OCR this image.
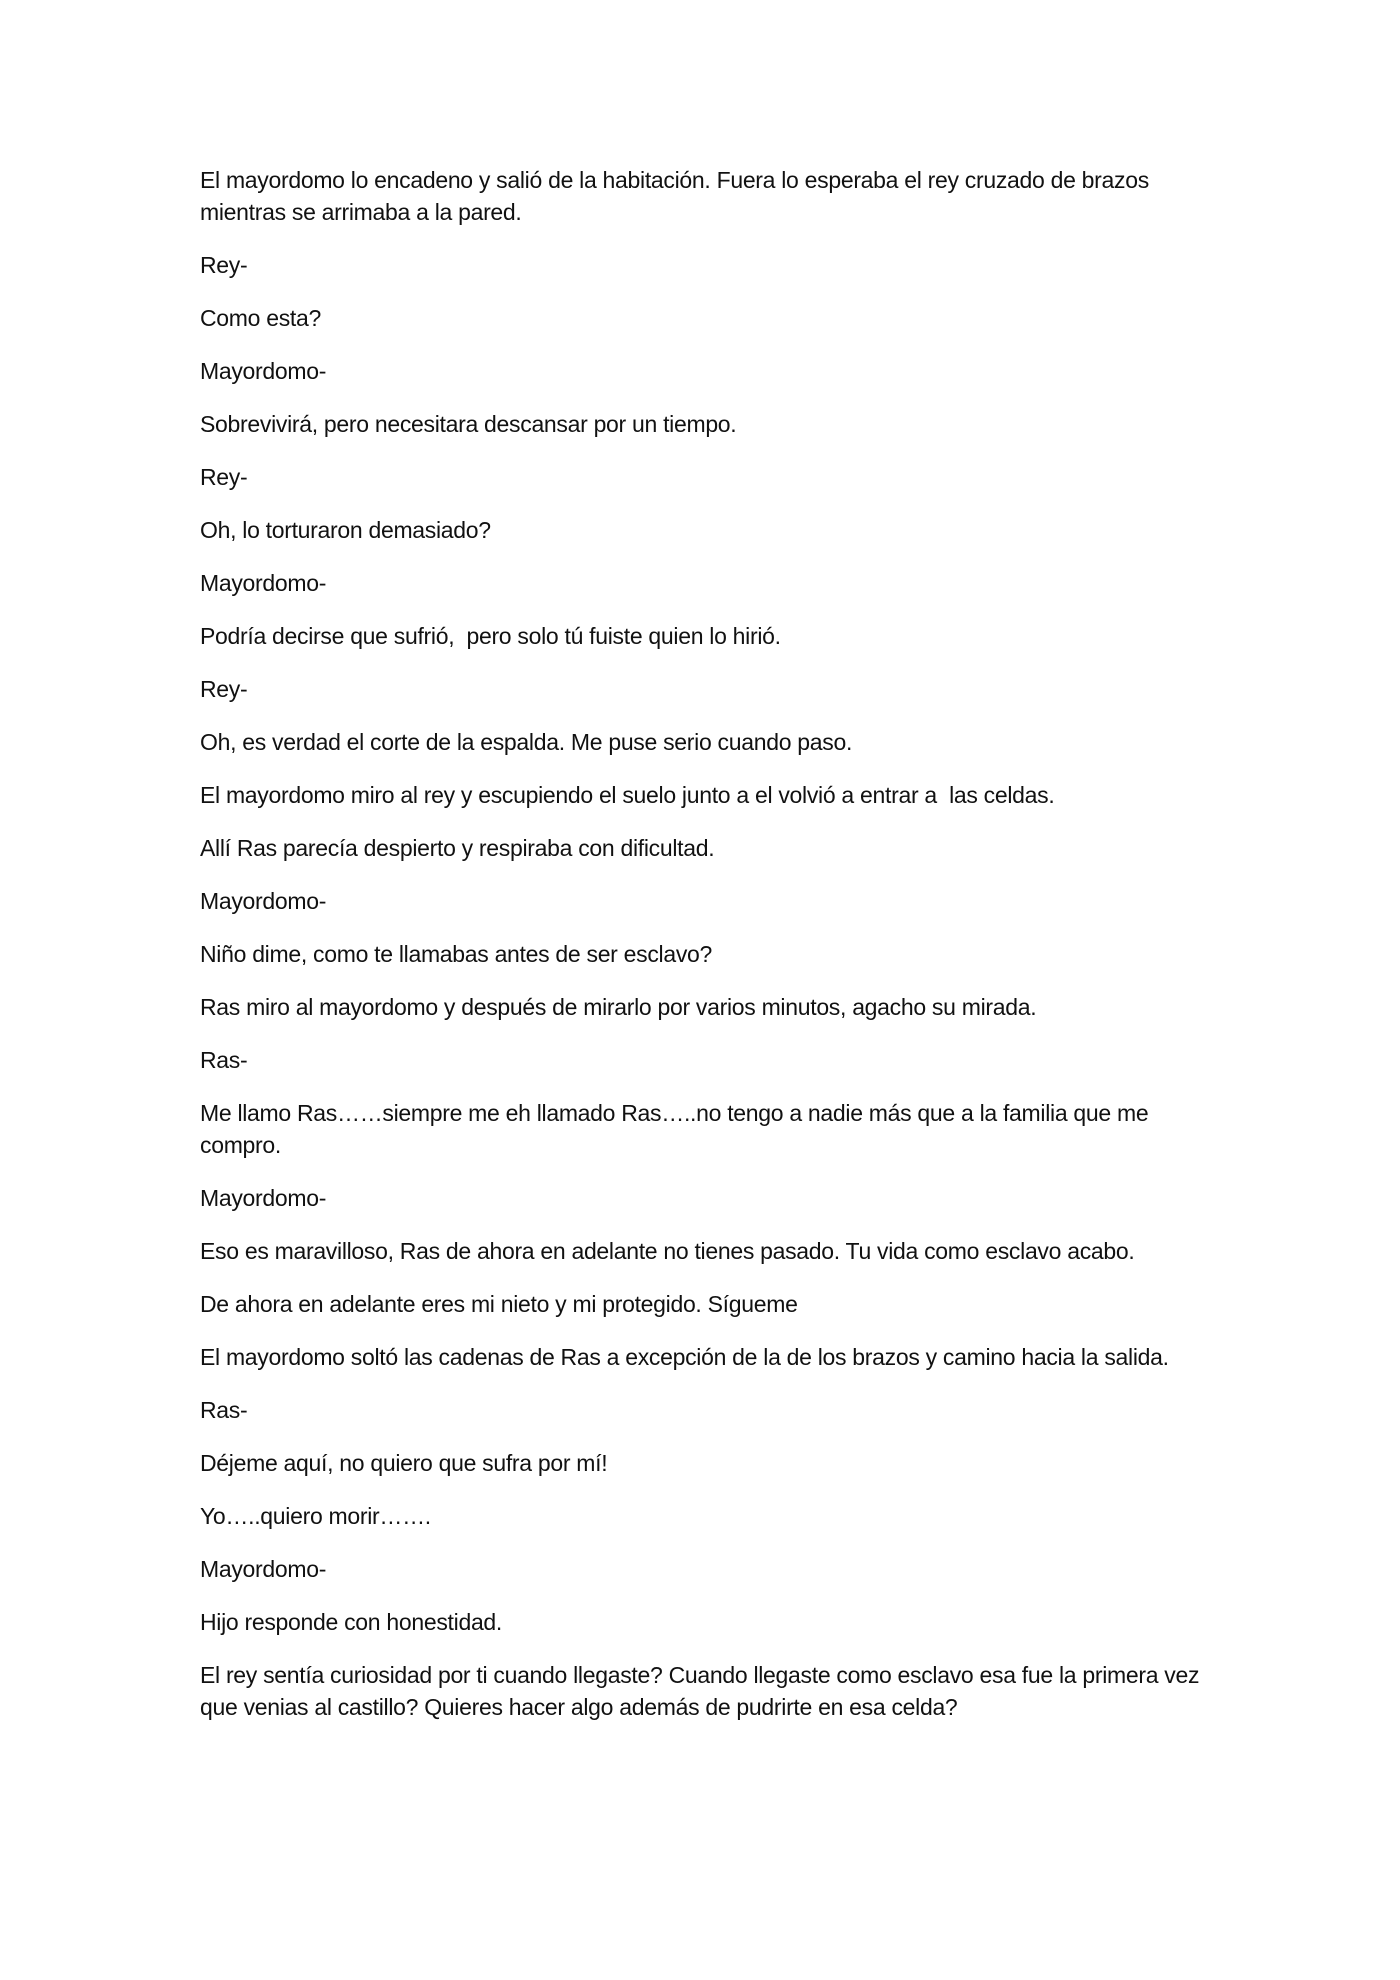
El mayordomo lo encadeno y salió de la habitación. Fuera lo esperaba el rey cruzado de brazos mientras se arrimaba a la pared.

Rey-

Como esta?

Mayordomo-

Sobrevivirá, pero necesitara descansar por un tiempo.

Rey-

Oh, lo torturaron demasiado?

Mayordomo-

Podría decirse que sufrió,  pero solo tú fuiste quien lo hirió.

Rey-

Oh, es verdad el corte de la espalda. Me puse serio cuando paso.

El mayordomo miro al rey y escupiendo el suelo junto a el volvió a entrar a  las celdas.

Allí Ras parecía despierto y respiraba con dificultad.

Mayordomo-

Niño dime, como te llamabas antes de ser esclavo?

Ras miro al mayordomo y después de mirarlo por varios minutos, agacho su mirada.

Ras-

Me llamo Ras……siempre me eh llamado Ras…..no tengo a nadie más que a la familia que me compro.

Mayordomo-

Eso es maravilloso, Ras de ahora en adelante no tienes pasado. Tu vida como esclavo acabo.

De ahora en adelante eres mi nieto y mi protegido. Sígueme

El mayordomo soltó las cadenas de Ras a excepción de la de los brazos y camino hacia la salida.

Ras-

Déjeme aquí, no quiero que sufra por mí!

Yo…..quiero morir…….

Mayordomo-

Hijo responde con honestidad.

El rey sentía curiosidad por ti cuando llegaste? Cuando llegaste como esclavo esa fue la primera vez que venias al castillo? Quieres hacer algo además de pudrirte en esa celda?
